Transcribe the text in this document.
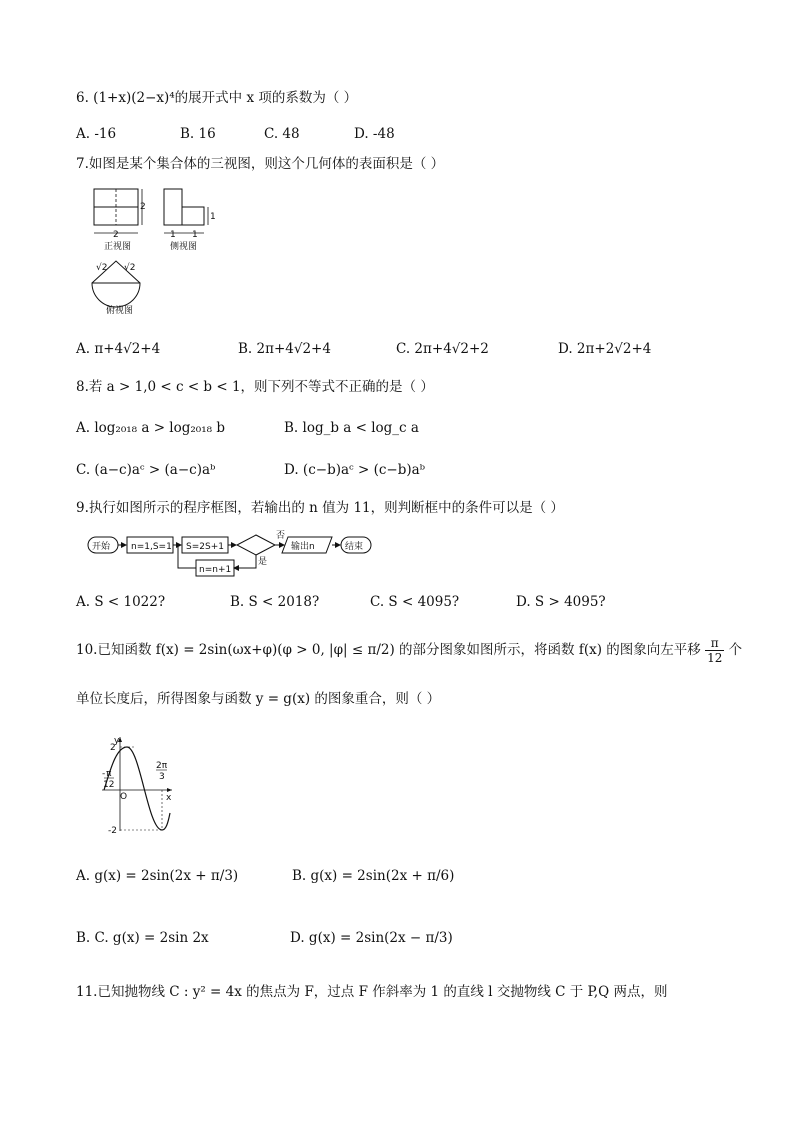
6. (1+x)(2−x)⁴的展开式中 x 项的系数为（ ）
A. -16	B. 16	C. 48	D. -48
7.如图是某个集合体的三视图，则这个几何体的表面积是（ ）
2
2
正视图
1
1 1
侧视图
√2 √2
俯视图
A. π+4√2+4	B. 2π+4√2+4	C. 2π+4√2+2	D. 2π+2√2+4
8.若 a > 1,0 < c < b < 1，则下列不等式不正确的是（ ）
A. log₂₀₁₈ a > log₂₀₁₈ b	B. log_b a < log_c a
C. (a−c)aᶜ > (a−c)aᵇ	D. (c−b)aᶜ > (c−b)aᵇ
9.执行如图所示的程序框图，若输出的 n 值为 11，则判断框中的条件可以是（ ）
开始 n=1,S=1 S=2S+1
否
输出n	结束
是
n=n+1
A. S < 1022?	B. S < 2018?	C. S < 4095?	D. S > 4095?
10.已知函数 f(x) = 2sin(ωx+φ)(φ > 0, |φ| ≤ π/2) 的部分图象如图所示，将函数 f(x) 的图象向左平移 $\frac{\pi}{12}$ 个
单位长度后，所得图象与函数 y = g(x) 的图象重合，则（ ）
y
x
O
2
-2
- π
12
2π
3
A. g(x) = 2sin(2x + π/3)	B. g(x) = 2sin(2x + π/6)
B. C. g(x) = 2sin 2x	D. g(x) = 2sin(2x − π/3)
11.已知抛物线 C : y² = 4x 的焦点为 F，过点 F 作斜率为 1 的直线 l 交抛物线 C 于 P,Q 两点，则
